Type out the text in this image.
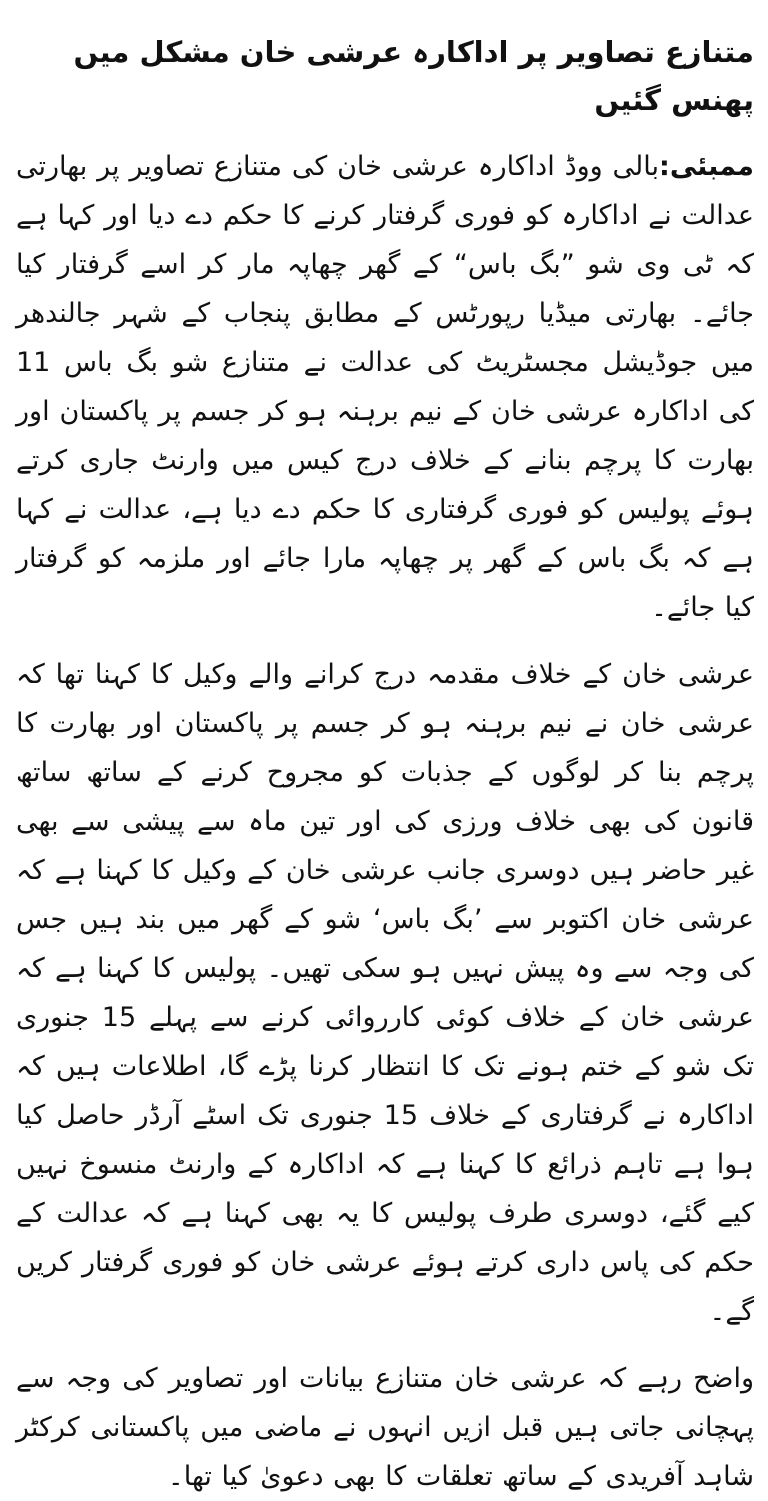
متنازع تصاویر پر اداکارہ عرشی خان مشکل میں پھنس گئیں

ممبئی:بالی ووڈ اداکارہ عرشی خان کی متنازع تصاویر پر بھارتی عدالت نے اداکارہ کو فوری گرفتار کرنے کا حکم دے دیا اور کہا ہے کہ ٹی وی شو ”بگ باس“ کے گھر چھاپہ مار کر اسے گرفتار کیا جائے۔ بھارتی میڈیا رپورٹس کے مطابق پنجاب کے شہر جالندھر میں جوڈیشل مجسٹریٹ کی عدالت نے متنازع شو بگ باس 11 کی اداکارہ عرشی خان کے نیم برہنہ ہو کر جسم پر پاکستان اور بھارت کا پرچم بنانے کے خلاف درج کیس میں وارنٹ جاری کرتے ہوئے پولیس کو فوری گرفتاری کا حکم دے دیا ہے، عدالت نے کہا ہے کہ بگ باس کے گھر پر چھاپہ مارا جائے اور ملزمہ کو گرفتار کیا جائے۔

عرشی خان کے خلاف مقدمہ درج کرانے والے وکیل کا کہنا تھا کہ عرشی خان نے نیم برہنہ ہو کر جسم پر پاکستان اور بھارت کا پرچم بنا کر لوگوں کے جذبات کو مجروح کرنے کے ساتھ ساتھ قانون کی بھی خلاف ورزی کی اور تین ماہ سے پیشی سے بھی غیر حاضر ہیں دوسری جانب عرشی خان کے وکیل کا کہنا ہے کہ عرشی خان اکتوبر سے ’بگ باس‘ شو کے گھر میں بند ہیں جس کی وجہ سے وہ پیش نہیں ہو سکی تھیں۔ پولیس کا کہنا ہے کہ عرشی خان کے خلاف کوئی کارروائی کرنے سے پہلے 15 جنوری تک شو کے ختم ہونے تک کا انتظار کرنا پڑے گا، اطلاعات ہیں کہ اداکارہ نے گرفتاری کے خلاف 15 جنوری تک اسٹے آرڈر حاصل کیا ہوا ہے تاہم ذرائع کا کہنا ہے کہ اداکارہ کے وارنٹ منسوخ نہیں کیے گئے، دوسری طرف پولیس کا یہ بھی کہنا ہے کہ عدالت کے حکم کی پاس داری کرتے ہوئے عرشی خان کو فوری گرفتار کریں گے۔

واضح رہے کہ عرشی خان متنازع بیانات اور تصاویر کی وجہ سے پہچانی جاتی ہیں قبل ازیں انہوں نے ماضی میں پاکستانی کرکٹر شاہد آفریدی کے ساتھ تعلقات کا بھی دعویٰ کیا تھا۔
